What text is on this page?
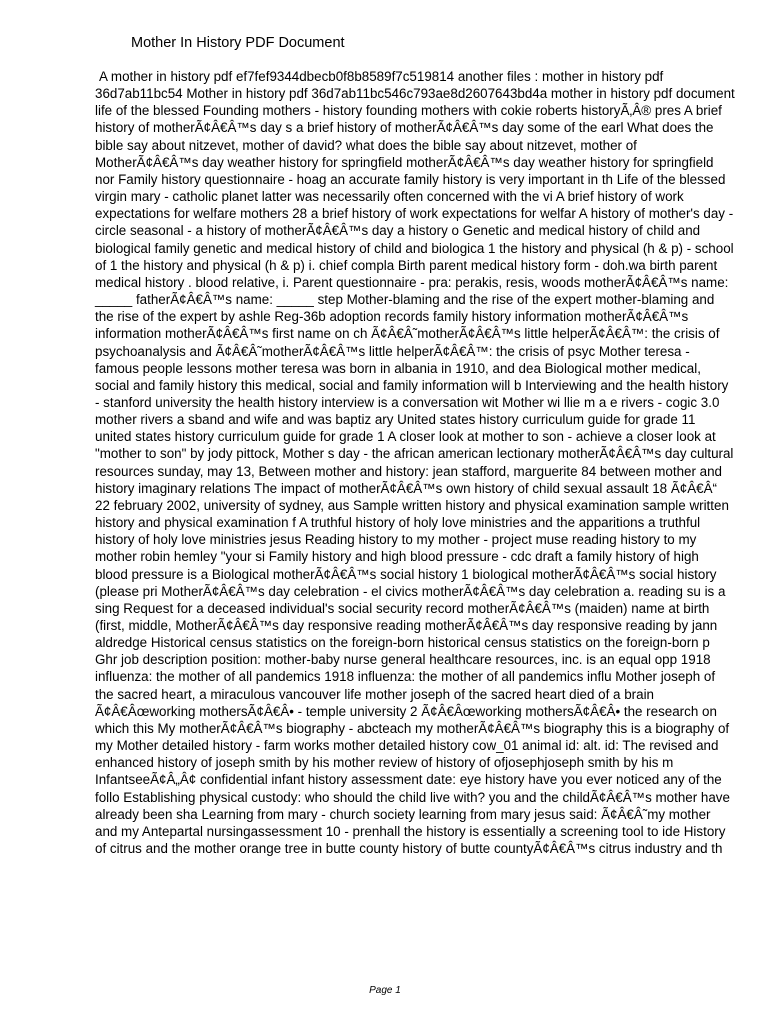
Mother In History PDF Document

A mother in history pdf ef7fef9344dbecb0f8b8589f7c519814 another files : mother in history pdf 36d7ab11bc54 Mother in history pdf 36d7ab11bc546c793ae8d2607643bd4a mother in history pdf document life of the blessed Founding mothers - history founding mothers with cokie roberts historyÃ‚Â® pres A brief history of motherÃ¢Â€Â™s day s a brief history of motherÃ¢Â€Â™s day some of the earl What does the bible say about nitzevet, mother of david? what does the bible say about nitzevet, mother of MotherÃ¢Â€Â™s day weather history for springfield motherÃ¢Â€Â™s day weather history for springfield nor Family history questionnaire - hoag an accurate family history is very important in th Life of the blessed virgin mary - catholic planet latter was necessarily often concerned with the vi A brief history of work expectations for welfare mothers 28 a brief history of work expectations for welfar A history of mother's day - circle seasonal - a history of motherÃ¢Â€Â™s day a history o Genetic and medical history of child and biological family genetic and medical history of child and biologica 1 the history and physical (h & p) - school of 1 the history and physical (h & p) i. chief compla Birth parent medical history form - doh.wa birth parent medical history . blood relative, i. Parent questionnaire - pra: perakis, resis, woods motherÃ¢Â€Â™s name: _____ fatherÃ¢Â€Â™s name: _____ step Mother-blaming and the rise of the expert mother-blaming and the rise of the expert by ashle Reg-36b adoption records family history information motherÃ¢Â€Â™s information motherÃ¢Â€Â™s first name on ch Ã¢Â€Â˜motherÃ¢Â€Â™s little helperÃ¢Â€Â™: the crisis of psychoanalysis and Ã¢Â€Â˜motherÃ¢Â€Â™s little helperÃ¢Â€Â™: the crisis of psyc Mother teresa - famous people lessons mother teresa was born in albania in 1910, and dea Biological mother medical, social and family history this medical, social and family information will b Interviewing and the health history - stanford university the health history interview is a conversation wit Mother wi llie m a e rivers - cogic 3.0 mother rivers a sband and wife and was baptiz ary United states history curriculum guide for grade 11 united states history curriculum guide for grade 1 A closer look at mother to son - achieve a closer look at "mother to son" by jody pittock, Mother s day - the african american lectionary motherÃ¢Â€Â™s day cultural resources sunday, may 13, Between mother and history: jean stafford, marguerite 84 between mother and history imaginary relations The impact of motherÃ¢Â€Â™s own history of child sexual assault 18 Ã¢Â€Â“ 22 february 2002, university of sydney, aus Sample written history and physical examination sample written history and physical examination f A truthful history of holy love ministries and the apparitions a truthful history of holy love ministries jesus Reading history to my mother - project muse reading history to my mother robin hemley "your si Family history and high blood pressure - cdc draft a family history of high blood pressure is a Biological motherÃ¢Â€Â™s social history 1 biological motherÃ¢Â€Â™s social history (please pri MotherÃ¢Â€Â™s day celebration - el civics motherÃ¢Â€Â™s day celebration a. reading su is a sing Request for a deceased individual's social security record motherÃ¢Â€Â™s (maiden) name at birth (first, middle, MotherÃ¢Â€Â™s day responsive reading motherÃ¢Â€Â™s day responsive reading by jann aldredge Historical census statistics on the foreign-born historical census statistics on the foreign-born p Ghr job description position: mother-baby nurse general healthcare resources, inc. is an equal opp 1918 influenza: the mother of all pandemics 1918 influenza: the mother of all pandemics influ Mother joseph of the sacred heart, a miraculous vancouver life mother joseph of the sacred heart died of a brain Ã¢Â€Âœworking mothersÃ¢Â€Â• - temple university 2 Ã¢Â€Âœworking mothersÃ¢Â€Â• the research on which this My motherÃ¢Â€Â™s biography - abcteach my motherÃ¢Â€Â™s biography this is a biography of my Mother detailed history - farm works mother detailed history cow_01 animal id: alt. id: The revised and enhanced history of joseph smith by his mother review of history of ofjosephjoseph smith by his m InfantseeÃ¢Â„Â¢ confidential infant history assessment date: eye history have you ever noticed any of the follo Establishing physical custody: who should the child live with? you and the childÃ¢Â€Â™s mother have already been sha Learning from mary - church society learning from mary jesus said: Ã¢Â€Â˜my mother and my Antepartal nursingassessment 10 - prenhall the history is essentially a screening tool to ide History of citrus and the mother orange tree in butte county history of butte countyÃ¢Â€Â™s citrus industry and th

Page 1
